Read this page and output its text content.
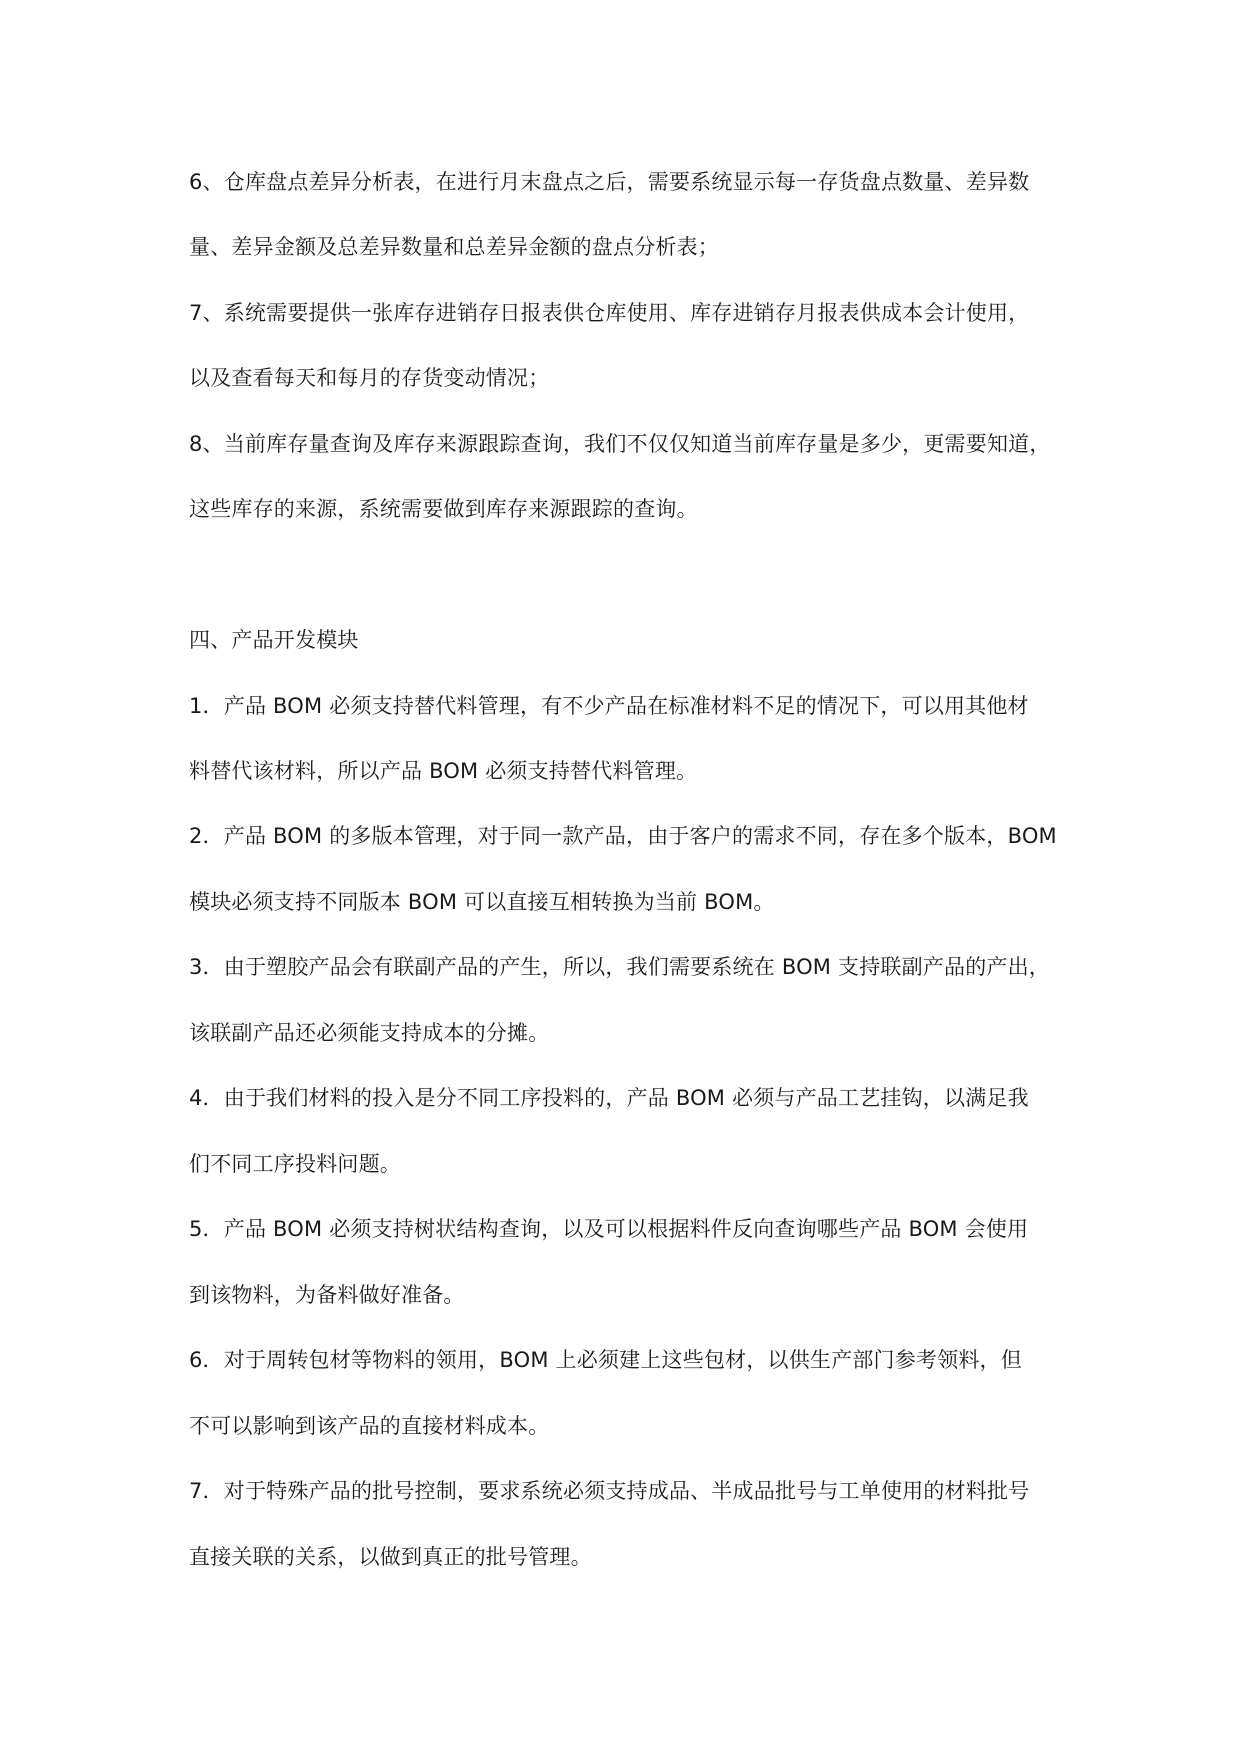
6、仓库盘点差异分析表，在进行月末盘点之后，需要系统显示每一存货盘点数量、差异数
量、差异金额及总差异数量和总差异金额的盘点分析表；
7、系统需要提供一张库存进销存日报表供仓库使用、库存进销存月报表供成本会计使用，
以及查看每天和每月的存货变动情况；
8、当前库存量查询及库存来源跟踪查询，我们不仅仅知道当前库存量是多少，更需要知道，
这些库存的来源，系统需要做到库存来源跟踪的查询。
四、产品开发模块
1．产品 BOM 必须支持替代料管理，有不少产品在标准材料不足的情况下，可以用其他材
料替代该材料，所以产品 BOM 必须支持替代料管理。
2．产品 BOM 的多版本管理，对于同一款产品，由于客户的需求不同，存在多个版本，BOM
模块必须支持不同版本 BOM 可以直接互相转换为当前 BOM。
3．由于塑胶产品会有联副产品的产生，所以，我们需要系统在 BOM 支持联副产品的产出，
该联副产品还必须能支持成本的分摊。
4．由于我们材料的投入是分不同工序投料的，产品 BOM 必须与产品工艺挂钩，以满足我
们不同工序投料问题。
5．产品 BOM 必须支持树状结构查询，以及可以根据料件反向查询哪些产品 BOM 会使用
到该物料，为备料做好准备。
6．对于周转包材等物料的领用，BOM 上必须建上这些包材，以供生产部门参考领料，但
不可以影响到该产品的直接材料成本。
7．对于特殊产品的批号控制，要求系统必须支持成品、半成品批号与工单使用的材料批号
直接关联的关系，以做到真正的批号管理。
